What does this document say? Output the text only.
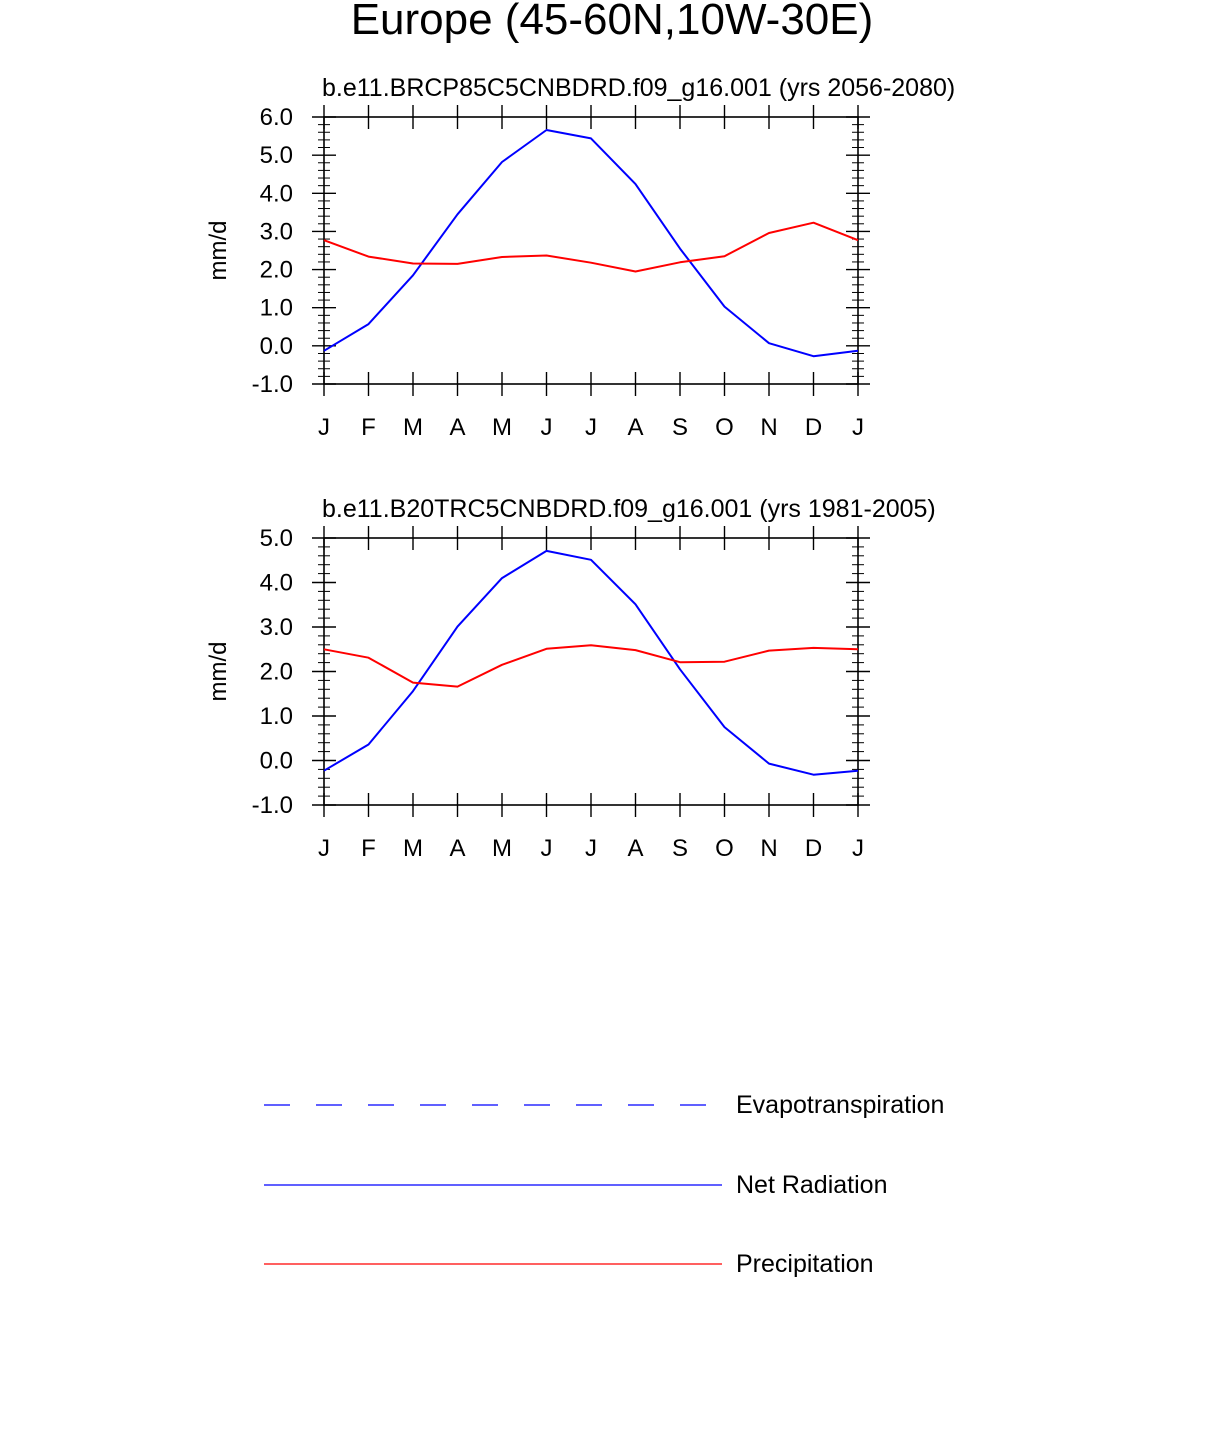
Europe (45-60N,10W-30E)
b.e11.BRCP85C5CNBDRD.f09_g16.001 (yrs 2056-2080)
-1.0
0.0
1.0
2.0
3.0
4.0
5.0
6.0
J F M A M J J A S O N D J
mm/d
b.e11.B20TRC5CNBDRD.f09_g16.001 (yrs 1981-2005)
-1.0
0.0
1.0
2.0
3.0
4.0
5.0
J F M A M J J A S O N D J
mm/d
Evapotranspiration
Net Radiation
Precipitation
